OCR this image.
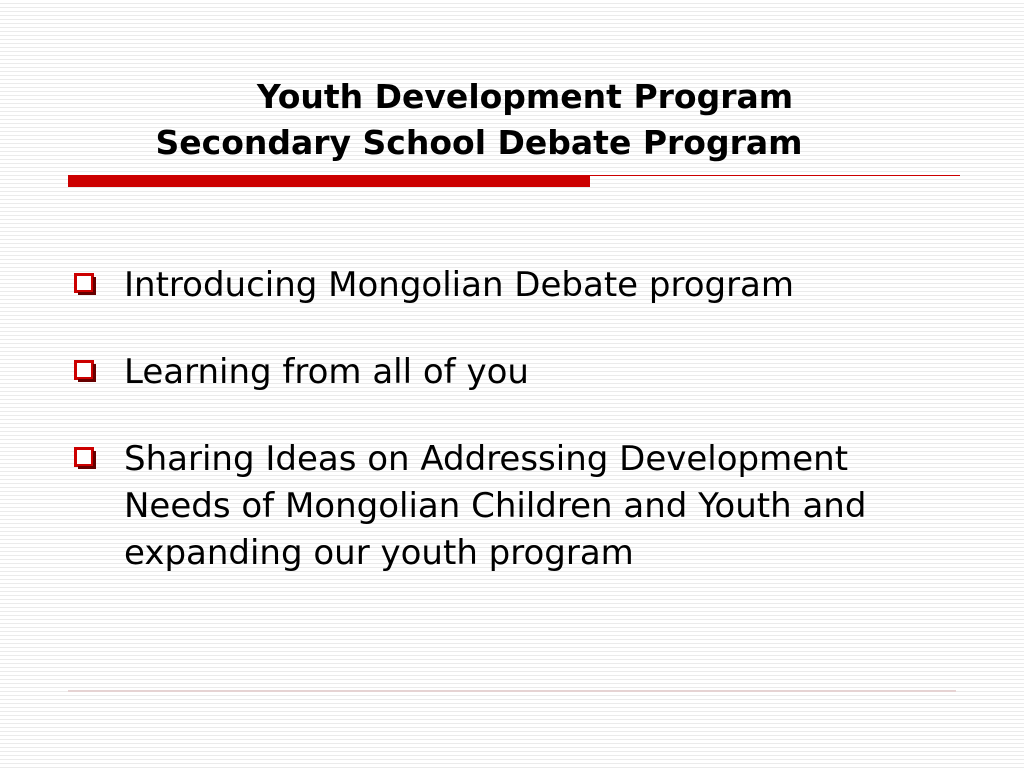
Youth Development Program
Secondary School Debate Program
Introducing Mongolian Debate program
Learning from all of you
Sharing Ideas on Addressing Development Needs of Mongolian Children and Youth and expanding our youth program
